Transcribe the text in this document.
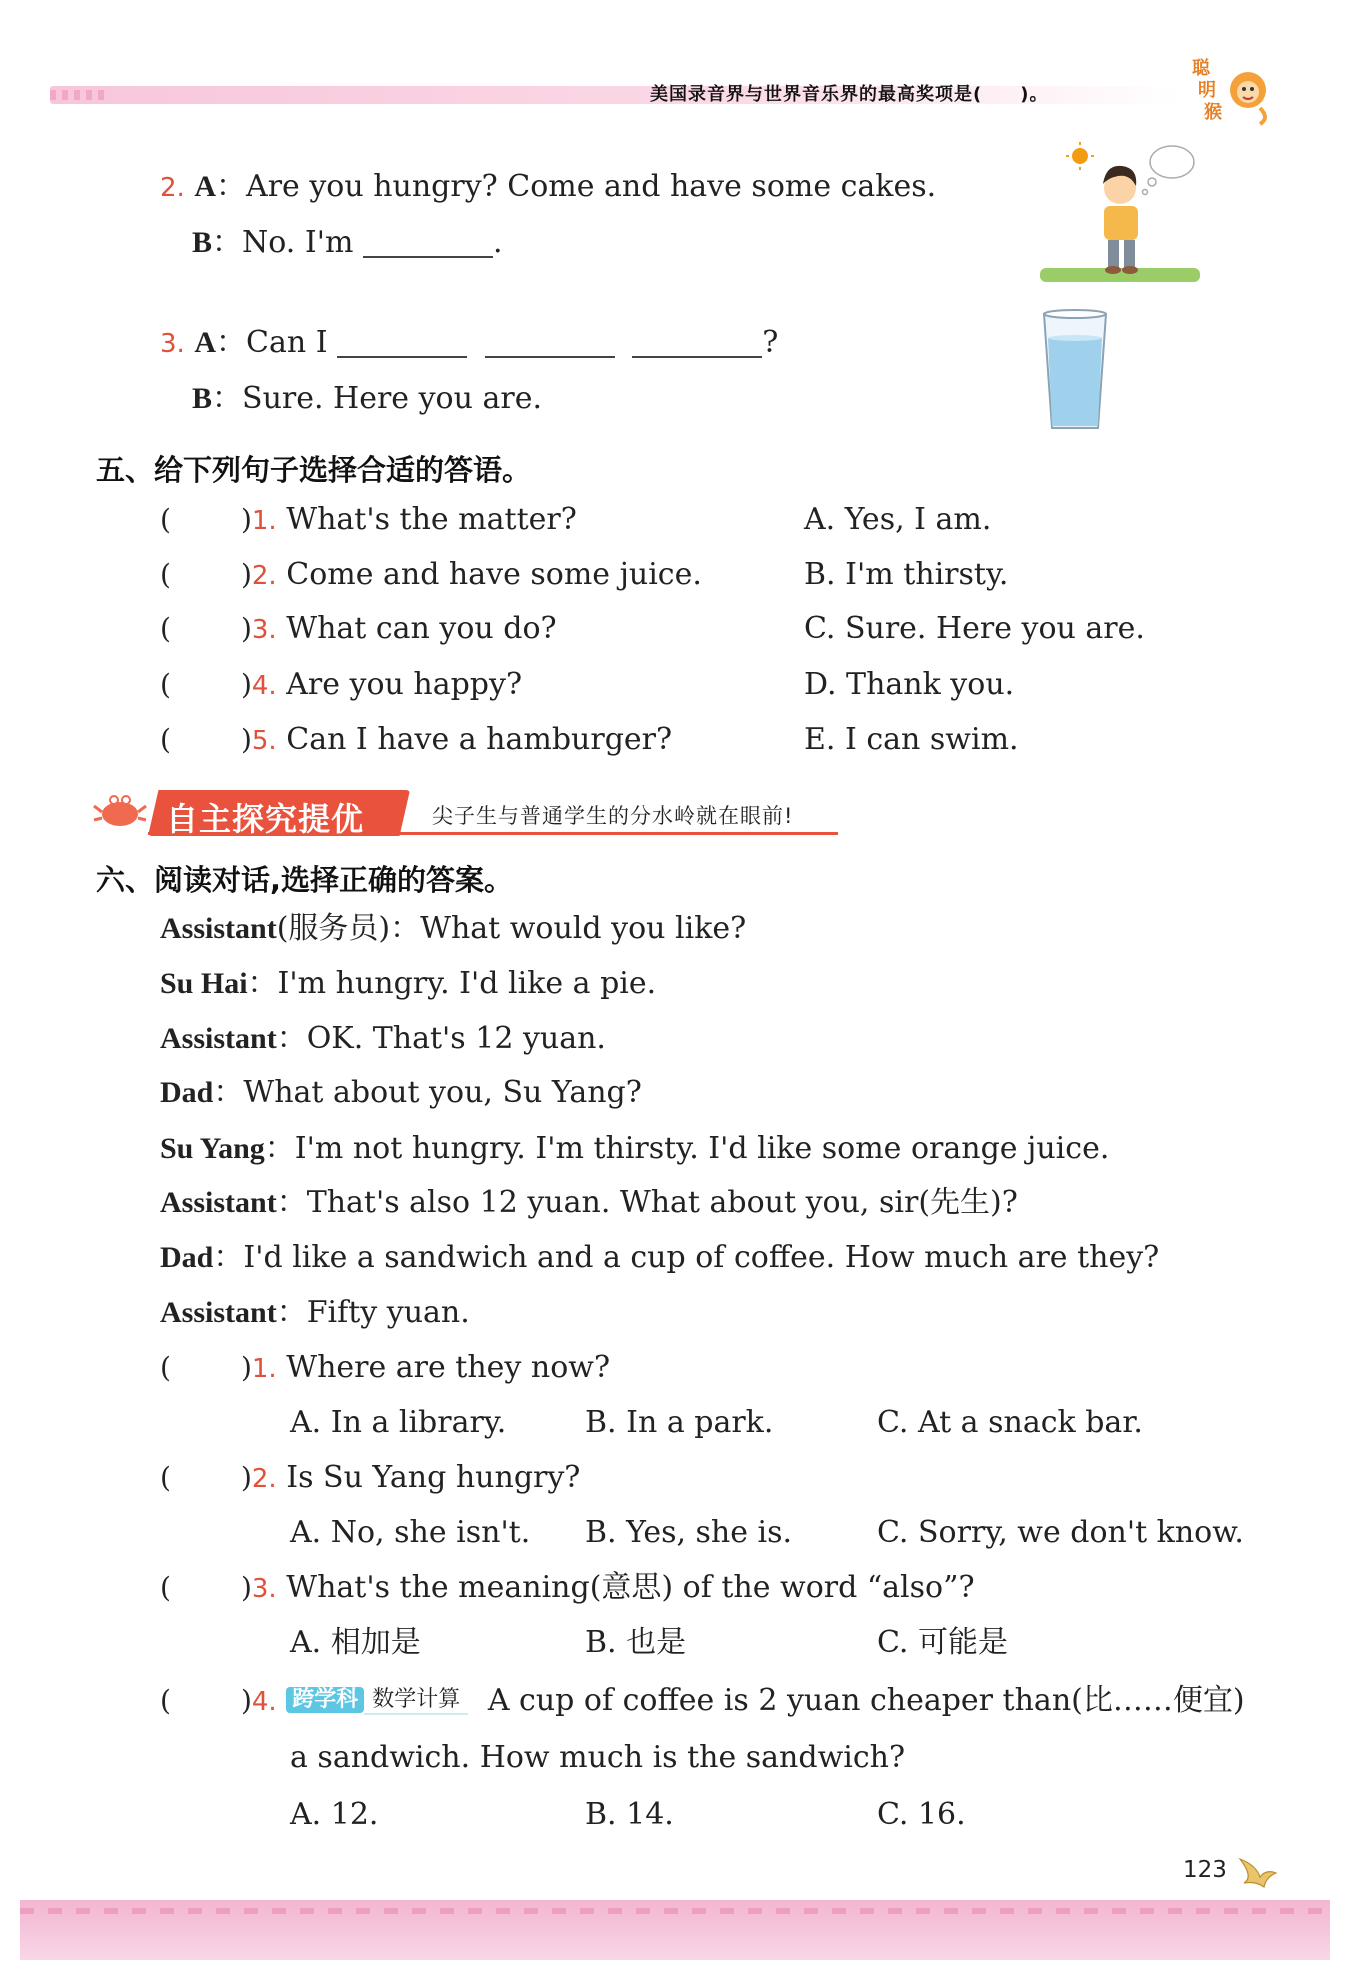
美国录音界与世界音乐界的最高奖项是(　　)。
聪
明
猴
2. A：Are you hungry? Come and have some cakes.
B：No. I'm	.
3. A：Can I	?
B：Sure. Here you are.
五、给下列句子选择合适的答语。
(	)1. What's the matter?	A. Yes, I am.
(	)2. Come and have some juice.	B. I'm thirsty.
(	)3. What can you do?	C. Sure. Here you are.
(	)4. Are you happy?	D. Thank you.
(	)5. Can I have a hamburger?	E. I can swim.
自主探究提优	尖子生与普通学生的分水岭就在眼前!
六、阅读对话,选择正确的答案。
Assistant(服务员)：What would you like?
Su Hai：I'm hungry. I'd like a pie.
Assistant：OK. That's 12 yuan.
Dad：What about you, Su Yang?
Su Yang：I'm not hungry. I'm thirsty. I'd like some orange juice.
Assistant：That's also 12 yuan. What about you, sir(先生)?
Dad：I'd like a sandwich and a cup of coffee. How much are they?
Assistant：Fifty yuan.
(	)1. Where are they now?
A. In a library.	B. In a park.	C. At a snack bar.
(	)2. Is Su Yang hungry?
A. No, she isn't. B. Yes, she is.	C. Sorry, we don't know.
(	)3. What's the meaning(意思) of the word “also”?
A. 相加是	B. 也是	C. 可能是
(	)4. 跨学科 数学计算 A cup of coffee is 2 yuan cheaper than(比……便宜)
a sandwich. How much is the sandwich?
A. 12.	B. 14.	C. 16.
123
